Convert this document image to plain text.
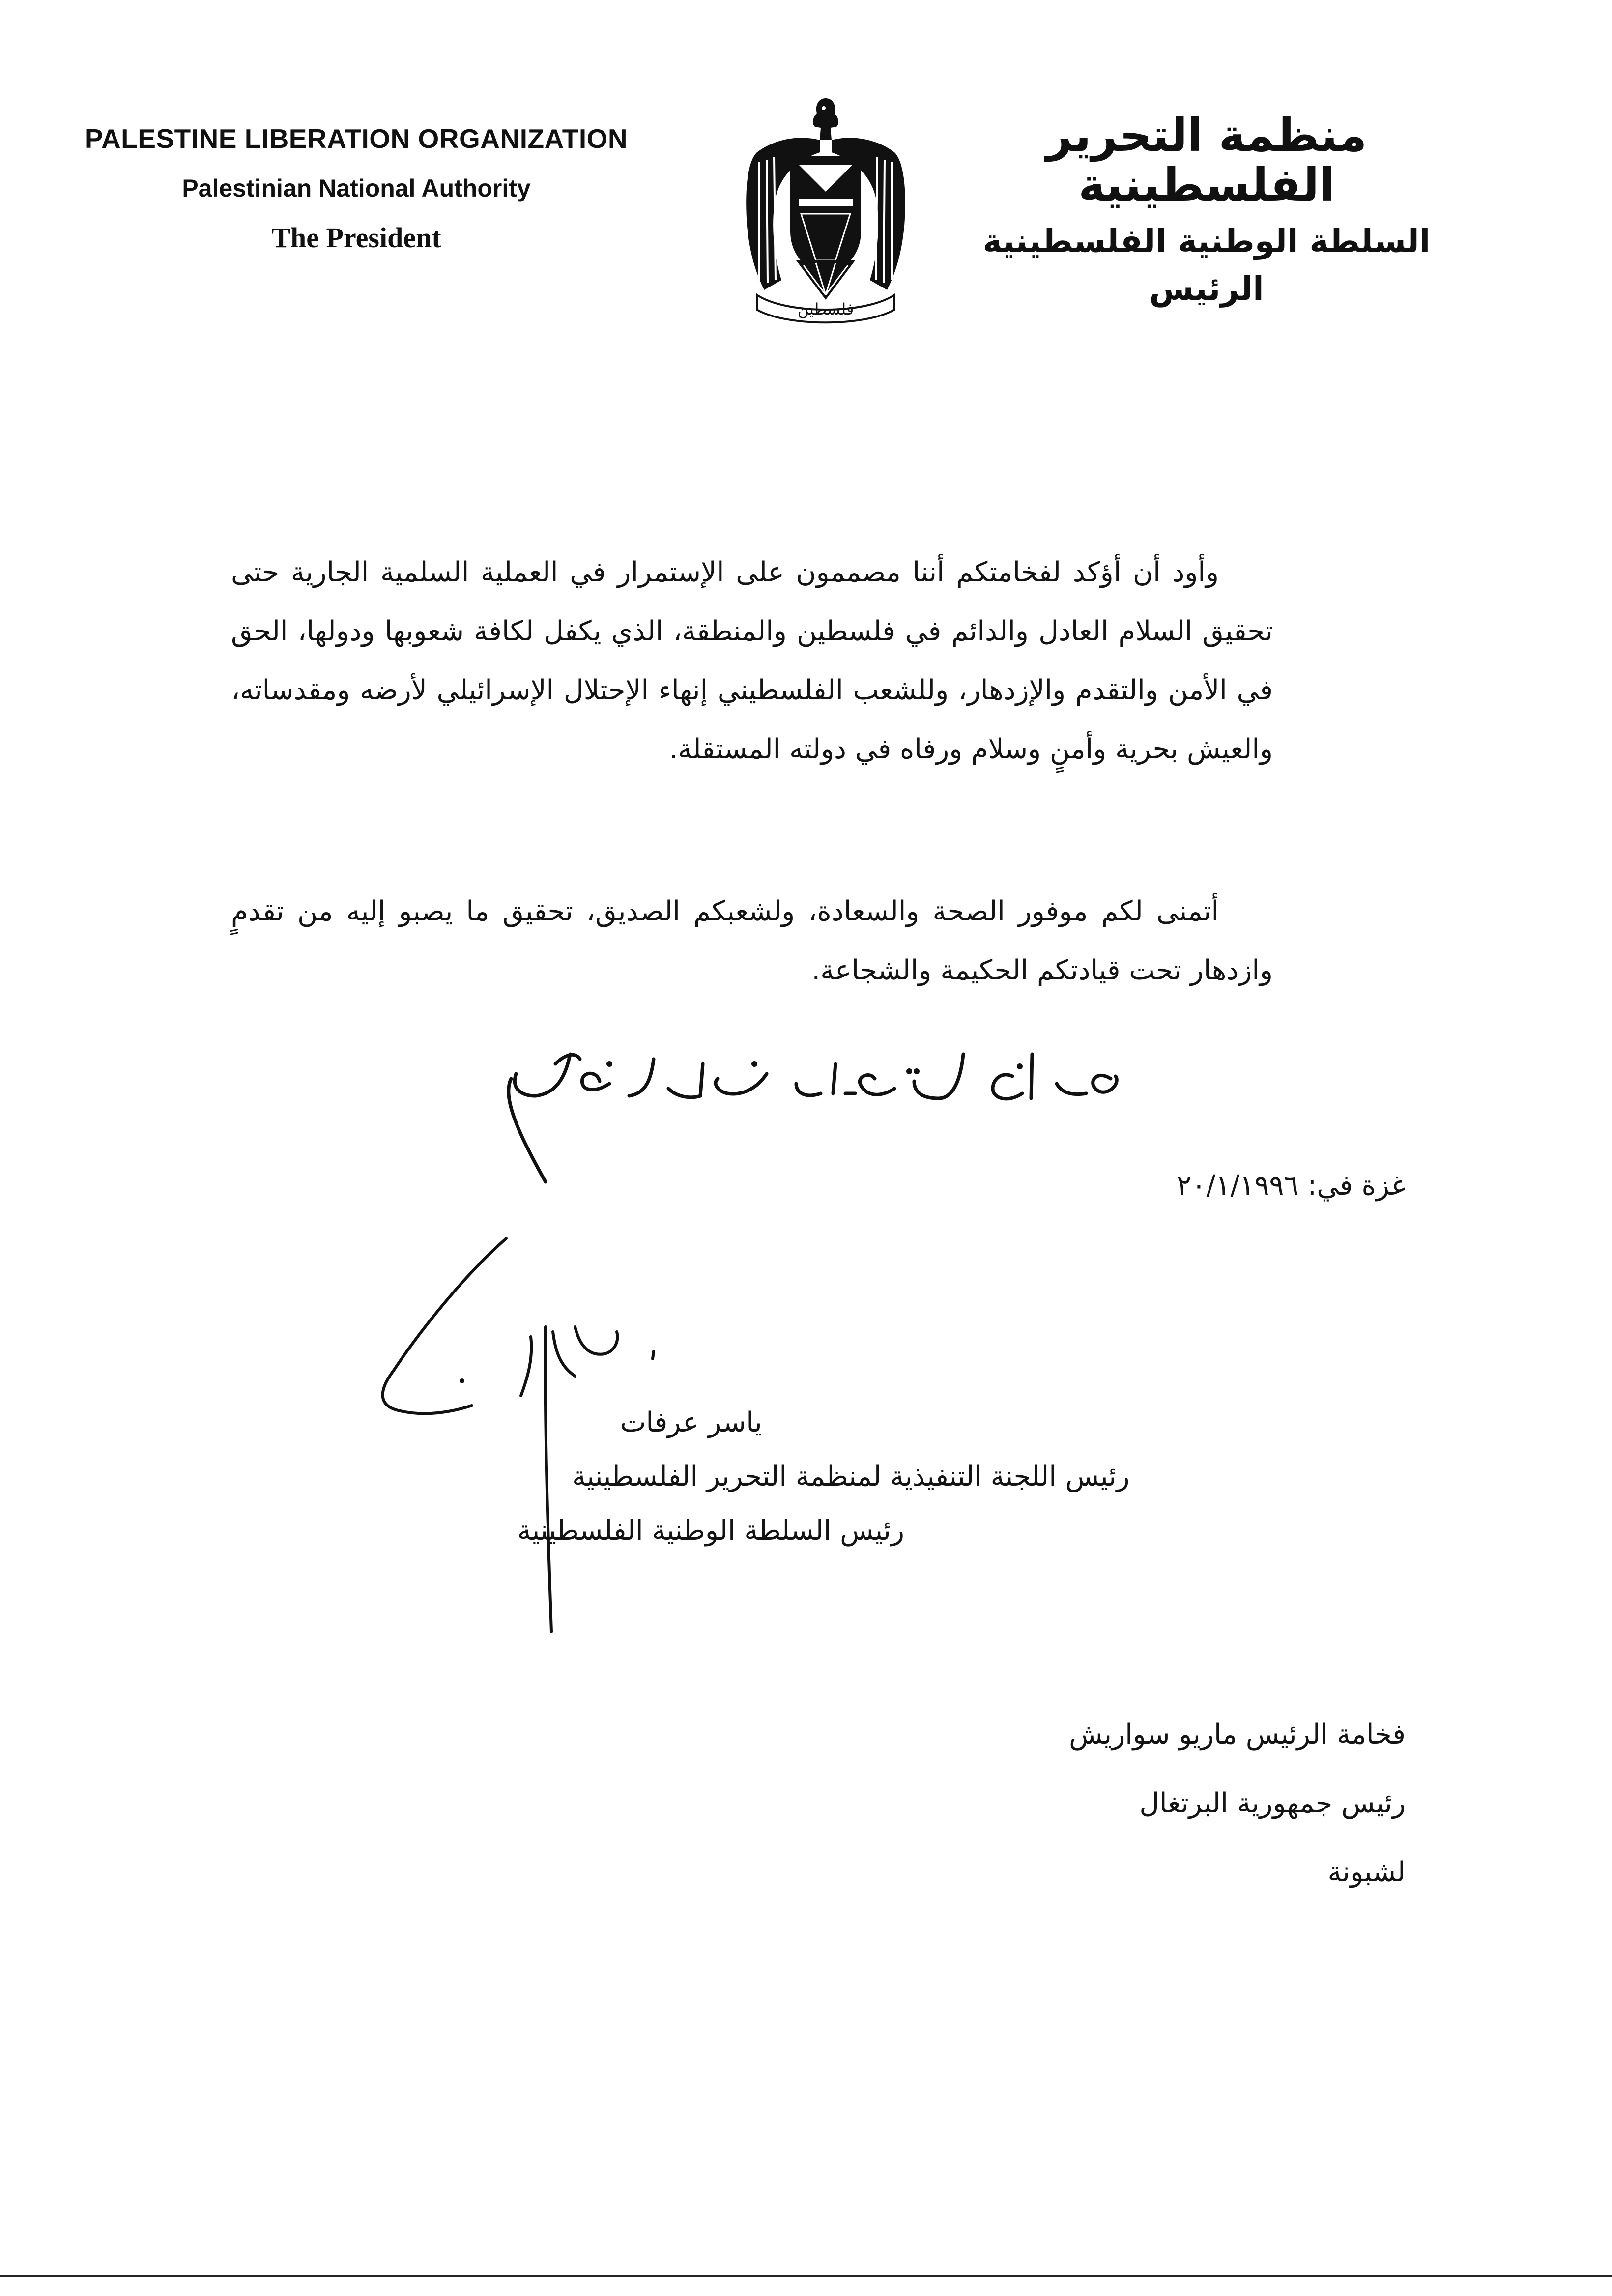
PALESTINE LIBERATION ORGANIZATION
Palestinian National Authority
The President
فلسطين
منظمة التحرير الفلسطينية
السلطة الوطنية الفلسطينية
الرئيس
وأود أن أؤكد لفخامتكم أننا مصممون على الإستمرار في العملية السلمية الجارية حتى تحقيق السلام العادل والدائم في فلسطين والمنطقة، الذي يكفل لكافة شعوبها ودولها، الحق في الأمن والتقدم والإزدهار، وللشعب الفلسطيني إنهاء الإحتلال الإسرائيلي لأرضه ومقدساته، والعيش بحرية وأمنٍ وسلام ورفاه في دولته المستقلة.
أتمنى لكم موفور الصحة والسعادة، ولشعبكم الصديق، تحقيق ما يصبو إليه من تقدمٍ وازدهار تحت قيادتكم الحكيمة والشجاعة.
غزة في: ٢٠/١/١٩٩٦
ياسر عرفات
رئيس اللجنة التنفيذية لمنظمة التحرير الفلسطينية
رئيس السلطة الوطنية الفلسطينية
فخامة الرئيس ماريو سواريش
رئيس جمهورية البرتغال
لشبونة
